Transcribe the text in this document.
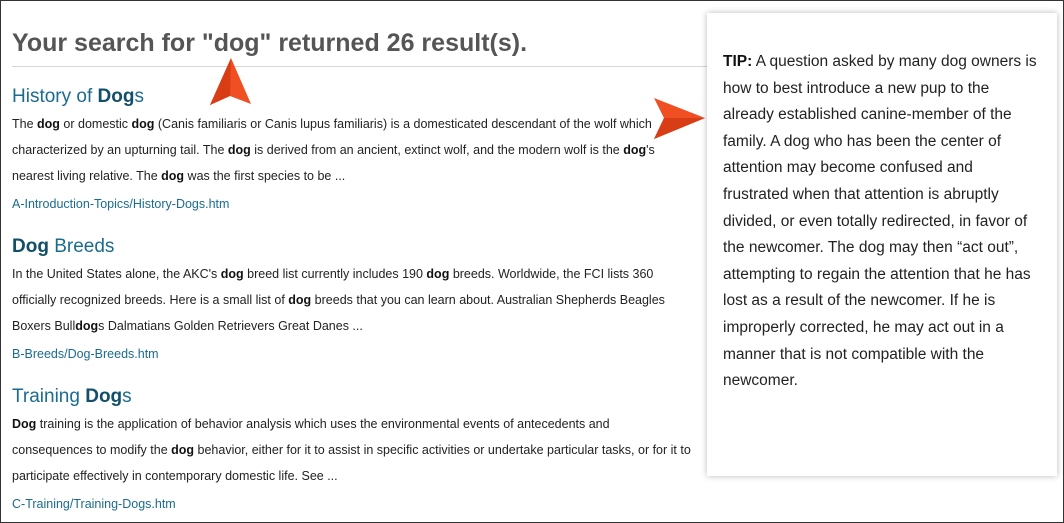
Your search for "dog" returned 26 result(s).
History of Dogs
The dog or domestic dog (Canis familiaris or Canis lupus familiaris) is a domesticated descendant of the wolf which
characterized by an upturning tail. The dog is derived from an ancient, extinct wolf, and the modern wolf is the dog's
nearest living relative. The dog was the first species to be ...
A-Introduction-Topics/History-Dogs.htm
Dog Breeds
In the United States alone, the AKC's dog breed list currently includes 190 dog breeds. Worldwide, the FCI lists 360
officially recognized breeds. Here is a small list of dog breeds that you can learn about. Australian Shepherds Beagles
Boxers Bulldogs Dalmatians Golden Retrievers Great Danes ...
B-Breeds/Dog-Breeds.htm
Training Dogs
Dog training is the application of behavior analysis which uses the environmental events of antecedents and
consequences to modify the dog behavior, either for it to assist in specific activities or undertake particular tasks, or for it to
participate effectively in contemporary domestic life. See ...
C-Training/Training-Dogs.htm

TIP: A question asked by many dog owners is how to best introduce a new pup to the already established canine-member of the family. A dog who has been the center of attention may become confused and frustrated when that attention is abruptly divided, or even totally redirected, in favor of the newcomer. The dog may then “act out”, attempting to regain the attention that he has lost as a result of the newcomer. If he is improperly corrected, he may act out in a manner that is not compatible with the newcomer.
